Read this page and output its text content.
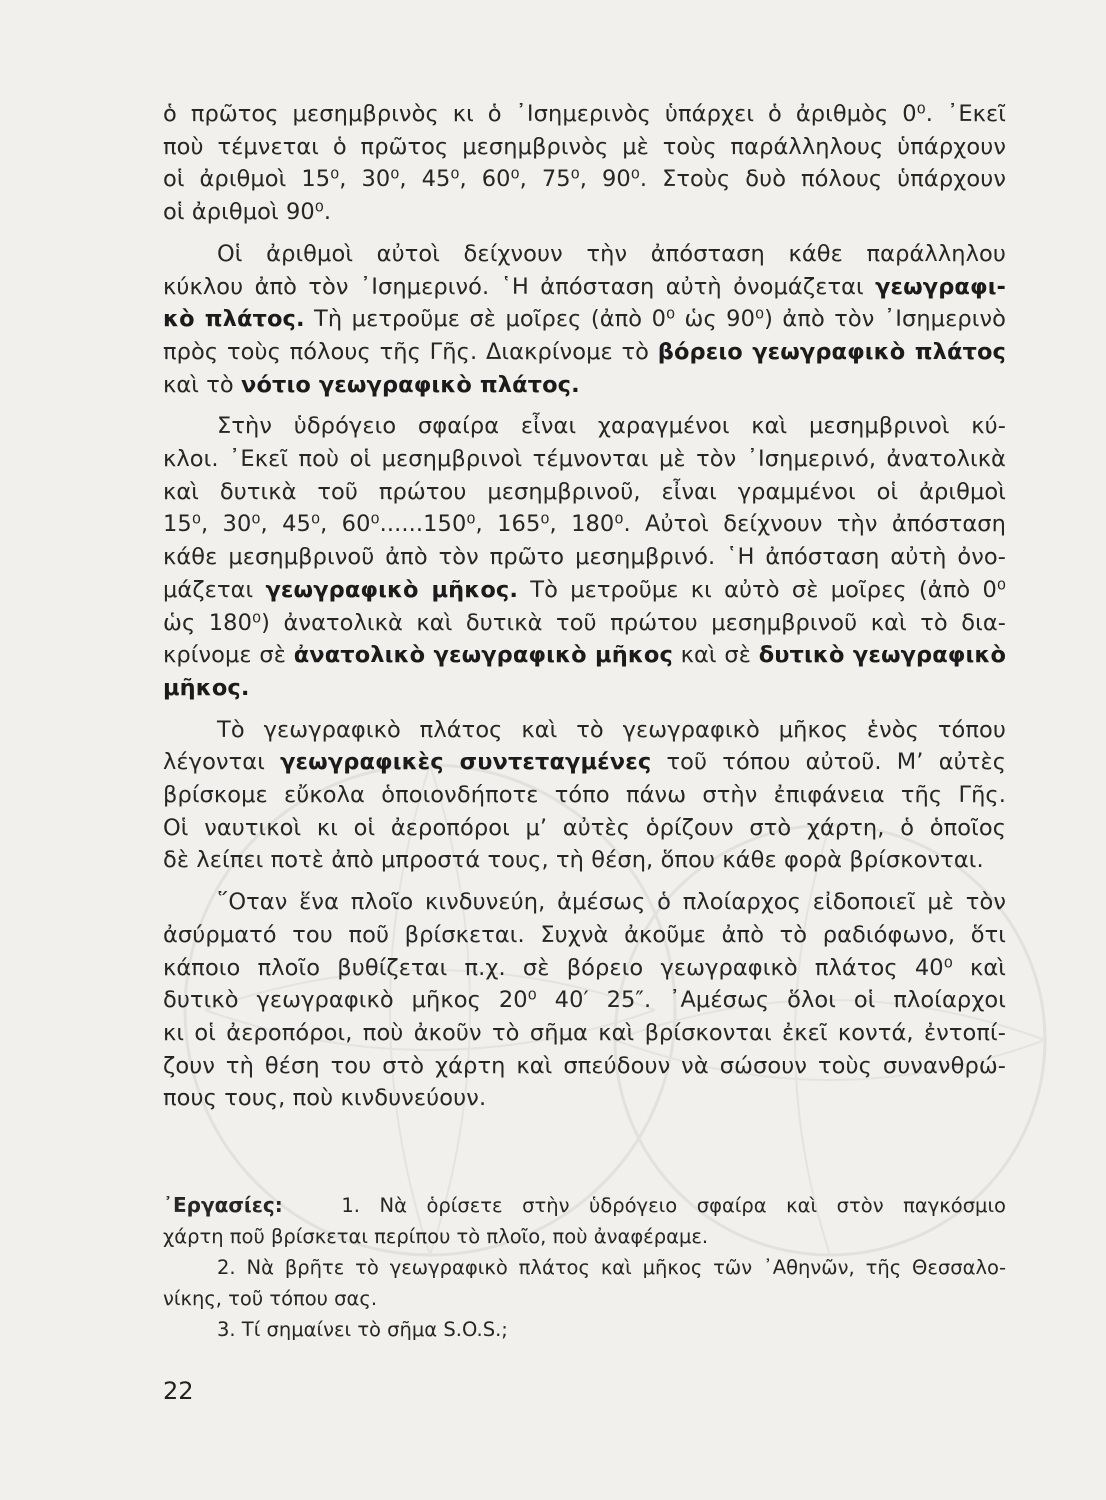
ὁ πρῶτος μεσημβρινὸς κι ὁ ᾿Ισημερινὸς ὑπάρχει ὁ ἀριθμὸς 0⁰. ᾿Εκεῖ
ποὺ τέμνεται ὁ πρῶτος μεσημβρινὸς μὲ τοὺς παράλληλους ὑπάρχουν
οἱ ἀριθμοὶ 15⁰, 30⁰, 45⁰, 60⁰, 75⁰, 90⁰. Στοὺς δυὸ πόλους ὑπάρχουν
οἱ ἀριθμοὶ 90⁰.
Οἱ ἀριθμοὶ αὐτοὶ δείχνουν τὴν ἀπόσταση κάθε παράλληλου
κύκλου ἀπὸ τὸν ᾿Ισημερινό. ῾Η ἀπόσταση αὐτὴ ὀνομάζεται γεωγραφι-
κὸ πλάτος. Τὴ μετροῦμε σὲ μοῖρες (ἀπὸ 0⁰ ὡς 90⁰) ἀπὸ τὸν ᾿Ισημερινὸ
πρὸς τοὺς πόλους τῆς Γῆς. Διακρίνομε τὸ βόρειο γεωγραφικὸ πλάτος
καὶ τὸ νότιο γεωγραφικὸ πλάτος.
Στὴν ὑδρόγειο σφαίρα εἶναι χαραγμένοι καὶ μεσημβρινοὶ κύ-
κλοι. ᾿Εκεῖ ποὺ οἱ μεσημβρινοὶ τέμνονται μὲ τὸν ᾿Ισημερινό, ἀνατολικὰ
καὶ δυτικὰ τοῦ πρώτου μεσημβρινοῦ, εἶναι γραμμένοι οἱ ἀριθμοὶ
15⁰, 30⁰, 45⁰, 60⁰......150⁰, 165⁰, 180⁰. Αὐτοὶ δείχνουν τὴν ἀπόσταση
κάθε μεσημβρινοῦ ἀπὸ τὸν πρῶτο μεσημβρινό. ῾Η ἀπόσταση αὐτὴ ὀνο-
μάζεται γεωγραφικὸ μῆκος. Τὸ μετροῦμε κι αὐτὸ σὲ μοῖρες (ἀπὸ 0⁰
ὡς 180⁰) ἀνατολικὰ καὶ δυτικὰ τοῦ πρώτου μεσημβρινοῦ καὶ τὸ δια-
κρίνομε σὲ ἀνατολικὸ γεωγραφικὸ μῆκος καὶ σὲ δυτικὸ γεωγραφικὸ
μῆκος.
Τὸ γεωγραφικὸ πλάτος καὶ τὸ γεωγραφικὸ μῆκος ἑνὸς τόπου
λέγονται γεωγραφικὲς συντεταγμένες τοῦ τόπου αὐτοῦ. Μ’ αὐτὲς
βρίσκομε εὔκολα ὁποιονδήποτε τόπο πάνω στὴν ἐπιφάνεια τῆς Γῆς.
Οἱ ναυτικοὶ κι οἱ ἀεροπόροι μ’ αὐτὲς ὁρίζουν στὸ χάρτη, ὁ ὁποῖος
δὲ λείπει ποτὲ ἀπὸ μπροστά τους, τὴ θέση, ὅπου κάθε φορὰ βρίσκονται.
῞Οταν ἕνα πλοῖο κινδυνεύη, ἀμέσως ὁ πλοίαρχος εἰδοποιεῖ μὲ τὸν
ἀσύρματό του ποῦ βρίσκεται. Συχνὰ ἀκοῦμε ἀπὸ τὸ ραδιόφωνο, ὅτι
κάποιο πλοῖο βυθίζεται π.χ. σὲ βόρειο γεωγραφικὸ πλάτος 40⁰ καὶ
δυτικὸ γεωγραφικὸ μῆκος 20⁰ 40′ 25″. ᾿Αμέσως ὅλοι οἱ πλοίαρχοι
κι οἱ ἀεροπόροι, ποὺ ἀκοῦν τὸ σῆμα καὶ βρίσκονται ἐκεῖ κοντά, ἐντοπί-
ζουν τὴ θέση του στὸ χάρτη καὶ σπεύδουν νὰ σώσουν τοὺς συνανθρώ-
πους τους, ποὺ κινδυνεύουν.
᾿Εργασίες:	1. Νὰ ὁρίσετε στὴν ὑδρόγειο σφαίρα καὶ στὸν παγκόσμιο
χάρτη ποῦ βρίσκεται περίπου τὸ πλοῖο, ποὺ ἀναφέραμε.
2. Νὰ βρῆτε τὸ γεωγραφικὸ πλάτος καὶ μῆκος τῶν ᾿Αθηνῶν, τῆς Θεσσαλο-
νίκης, τοῦ τόπου σας.
3. Τί σημαίνει τὸ σῆμα S.O.S.;
22
